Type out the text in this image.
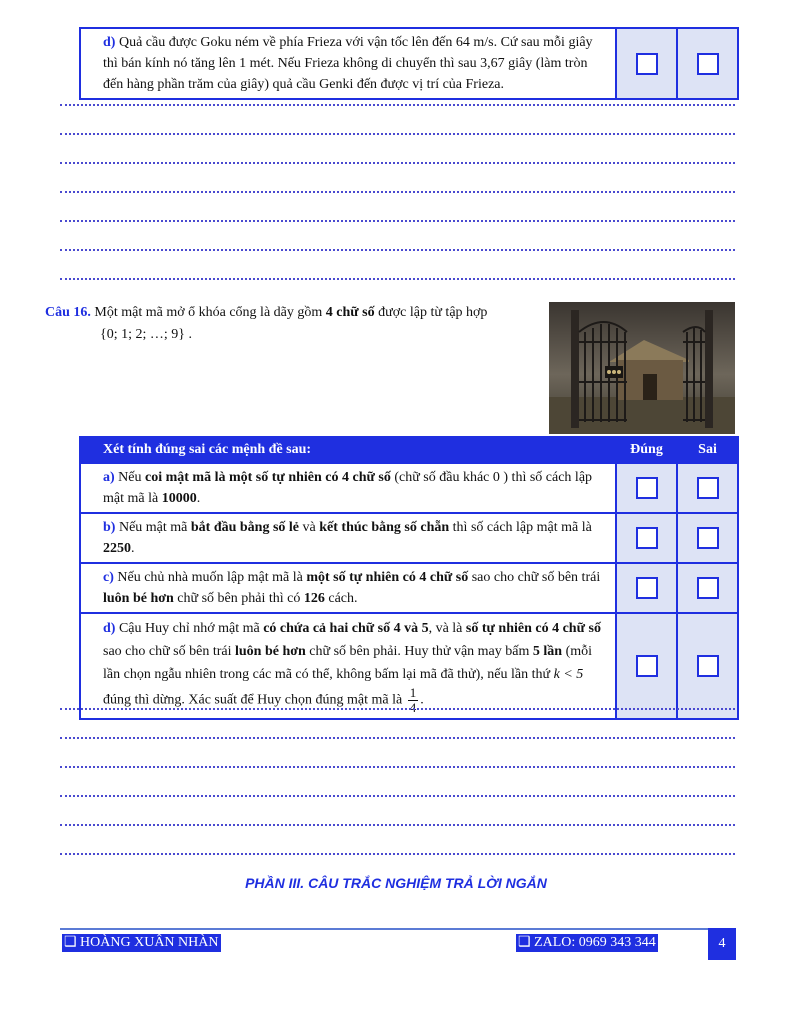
d) Quả cầu được Goku ném về phía Frieza với vận tốc lên đến 64 m/s. Cứ sau mỗi giây thì bán kính nó tăng lên 1 mét. Nếu Frieza không di chuyển thì sau 3,67 giây (làm tròn đến hàng phần trăm của giây) quả cầu Genki đến được vị trí của Frieza.		
Câu 16. Một mật mã mở ổ khóa cổng là dãy gồm 4 chữ số được lập từ tập hợp
{0; 1; 2; …; 9} .
Xét tính đúng sai các mệnh đề sau:	Đúng	Sai
a) Nếu coi mật mã là một số tự nhiên có 4 chữ số (chữ số đầu khác 0 ) thì số cách lập mật mã là 10000.		
b) Nếu mật mã bắt đầu bằng số lẻ và kết thúc bằng số chẵn thì số cách lập mật mã là 2250.		
c) Nếu chủ nhà muốn lập mật mã là một số tự nhiên có 4 chữ số sao cho chữ số bên trái luôn bé hơn chữ số bên phải thì có 126 cách.		
d) Cậu Huy chỉ nhớ mật mã có chứa cả hai chữ số 4 và 5, và là số tự nhiên có 4 chữ số sao cho chữ số bên trái luôn bé hơn chữ số bên phải. Huy thử vận may bấm 5 lần (mỗi lần chọn ngẫu nhiên trong các mã có thể, không bấm lại mã đã thử), nếu lần thứ k < 5 đúng thì dừng. Xác suất để Huy chọn đúng mật mã là $\frac{1}{4}$ .		
PHẦN III. CÂU TRẮC NGHIỆM TRẢ LỜI NGẮN
❑ HOÀNG XUÂN NHÀN	❑ ZALO: 0969 343 344	4
